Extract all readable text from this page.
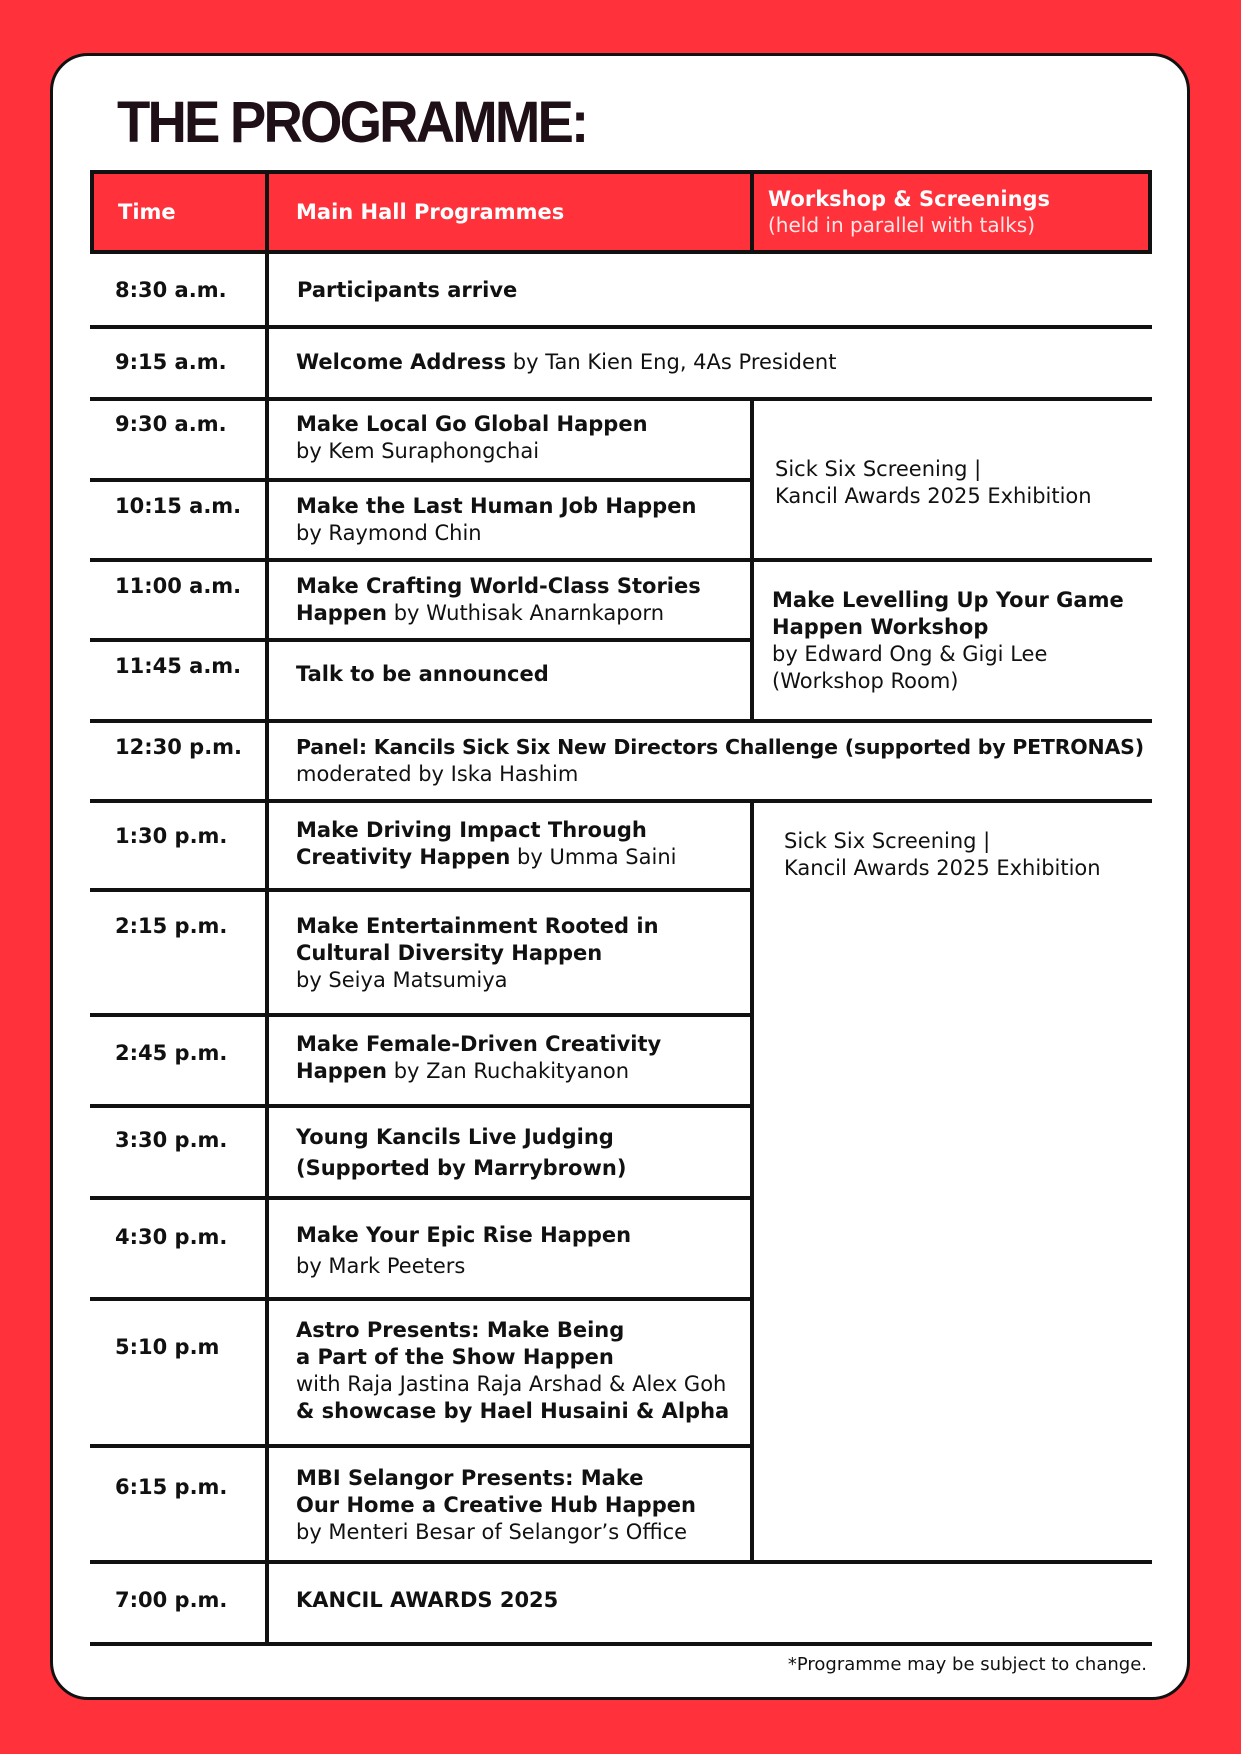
THE PROGRAMME:
Time	Main Hall Programmes
Workshop & Screenings
(held in parallel with talks)
8:30 a.m.
9:15 a.m.
9:30 a.m.
10:15 a.m.
11:00 a.m.
11:45 a.m.
12:30 p.m.
1:30 p.m.
2:15 p.m.
2:45 p.m.
3:30 p.m.
4:30 p.m.
5:10 p.m
6:15 p.m.
7:00 p.m.
Participants arrive
Welcome Address by Tan Kien Eng, 4As President
Make Local Go Global Happen
by Kem Suraphongchai
Make the Last Human Job Happen
by Raymond Chin
Make Crafting World-Class Stories
Happen by Wuthisak Anarnkaporn
Talk to be announced
Panel: Kancils Sick Six New Directors Challenge (supported by PETRONAS)
moderated by Iska Hashim
Make Driving Impact Through
Creativity Happen by Umma Saini
Make Entertainment Rooted in
Cultural Diversity Happen
by Seiya Matsumiya
Make Female-Driven Creativity
Happen by Zan Ruchakityanon
Young Kancils Live Judging
(Supported by Marrybrown)
Make Your Epic Rise Happen
by Mark Peeters
Astro Presents: Make Being
a Part of the Show Happen
with Raja Jastina Raja Arshad & Alex Goh
& showcase by Hael Husaini & Alpha
MBI Selangor Presents: Make
Our Home a Creative Hub Happen
by Menteri Besar of Selangor’s Office
KANCIL AWARDS 2025
Sick Six Screening |
Kancil Awards 2025 Exhibition
Make Levelling Up Your Game
Happen Workshop
by Edward Ong & Gigi Lee
(Workshop Room)
Sick Six Screening |
Kancil Awards 2025 Exhibition
*Programme may be subject to change.
